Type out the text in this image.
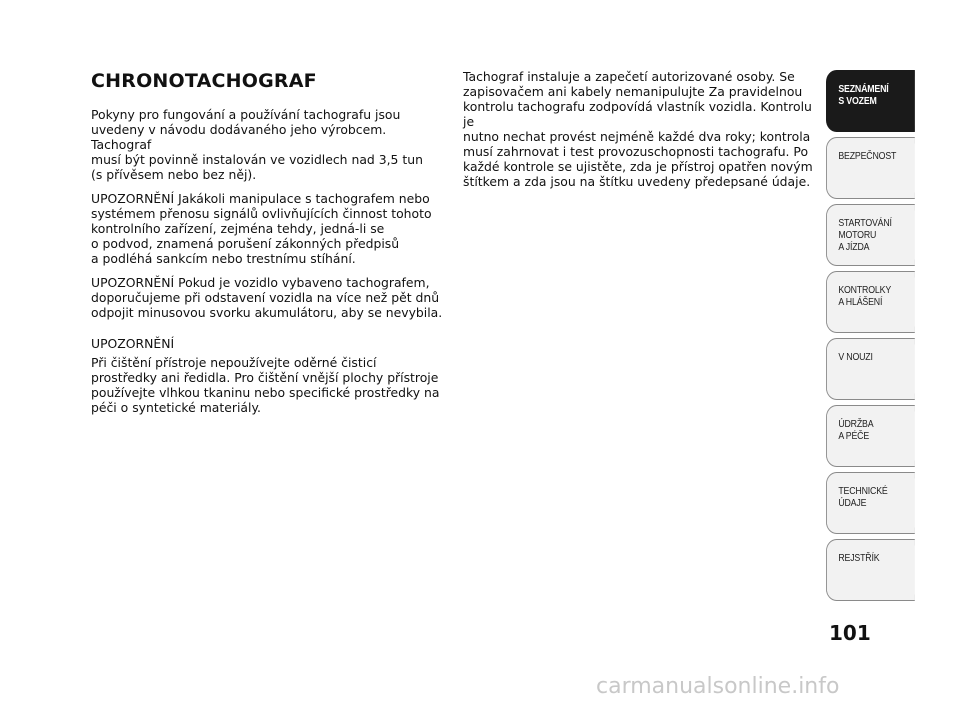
CHRONOTACHOGRAF

Pokyny pro fungování a používání tachografu jsou
uvedeny v návodu dodávaného jeho výrobcem. Tachograf
musí být povinně instalován ve vozidlech nad 3,5 tun
(s přívěsem nebo bez něj).

UPOZORNĚNÍ Jakákoli manipulace s tachografem nebo
systémem přenosu signálů ovlivňujících činnost tohoto
kontrolního zařízení, zejména tehdy, jedná-li se
o podvod, znamená porušení zákonných předpisů
a podléhá sankcím nebo trestnímu stíhání.

UPOZORNĚNÍ Pokud je vozidlo vybaveno tachografem,
doporučujeme při odstavení vozidla na více než pět dnů
odpojit minusovou svorku akumulátoru, aby se nevybila.

UPOZORNĚNÍ

Při čištění přístroje nepoužívejte oděrné čisticí
prostředky ani ředidla. Pro čištění vnější plochy přístroje
používejte vlhkou tkaninu nebo specifické prostředky na
péči o syntetické materiály.

Tachograf instaluje a zapečetí autorizované osoby. Se
zapisovačem ani kabely nemanipulujte Za pravidelnou
kontrolu tachografu zodpovídá vlastník vozidla. Kontrolu je
nutno nechat provést nejméně každé dva roky; kontrola
musí zahrnovat i test provozuschopnosti tachografu. Po
každé kontrole se ujistěte, zda je přístroj opatřen novým
štítkem a zda jsou na štítku uvedeny předepsané údaje.

SEZNÁMENÍ
S VOZEM
BEZPEČNOST
STARTOVÁNÍ
MOTORU
A JÍZDA
KONTROLKY
A HLÁŠENÍ
V NOUZI
ÚDRŽBA
A PÉČE
TECHNICKÉ
ÚDAJE
REJSTŘÍK

101

carmanualsonline.info
